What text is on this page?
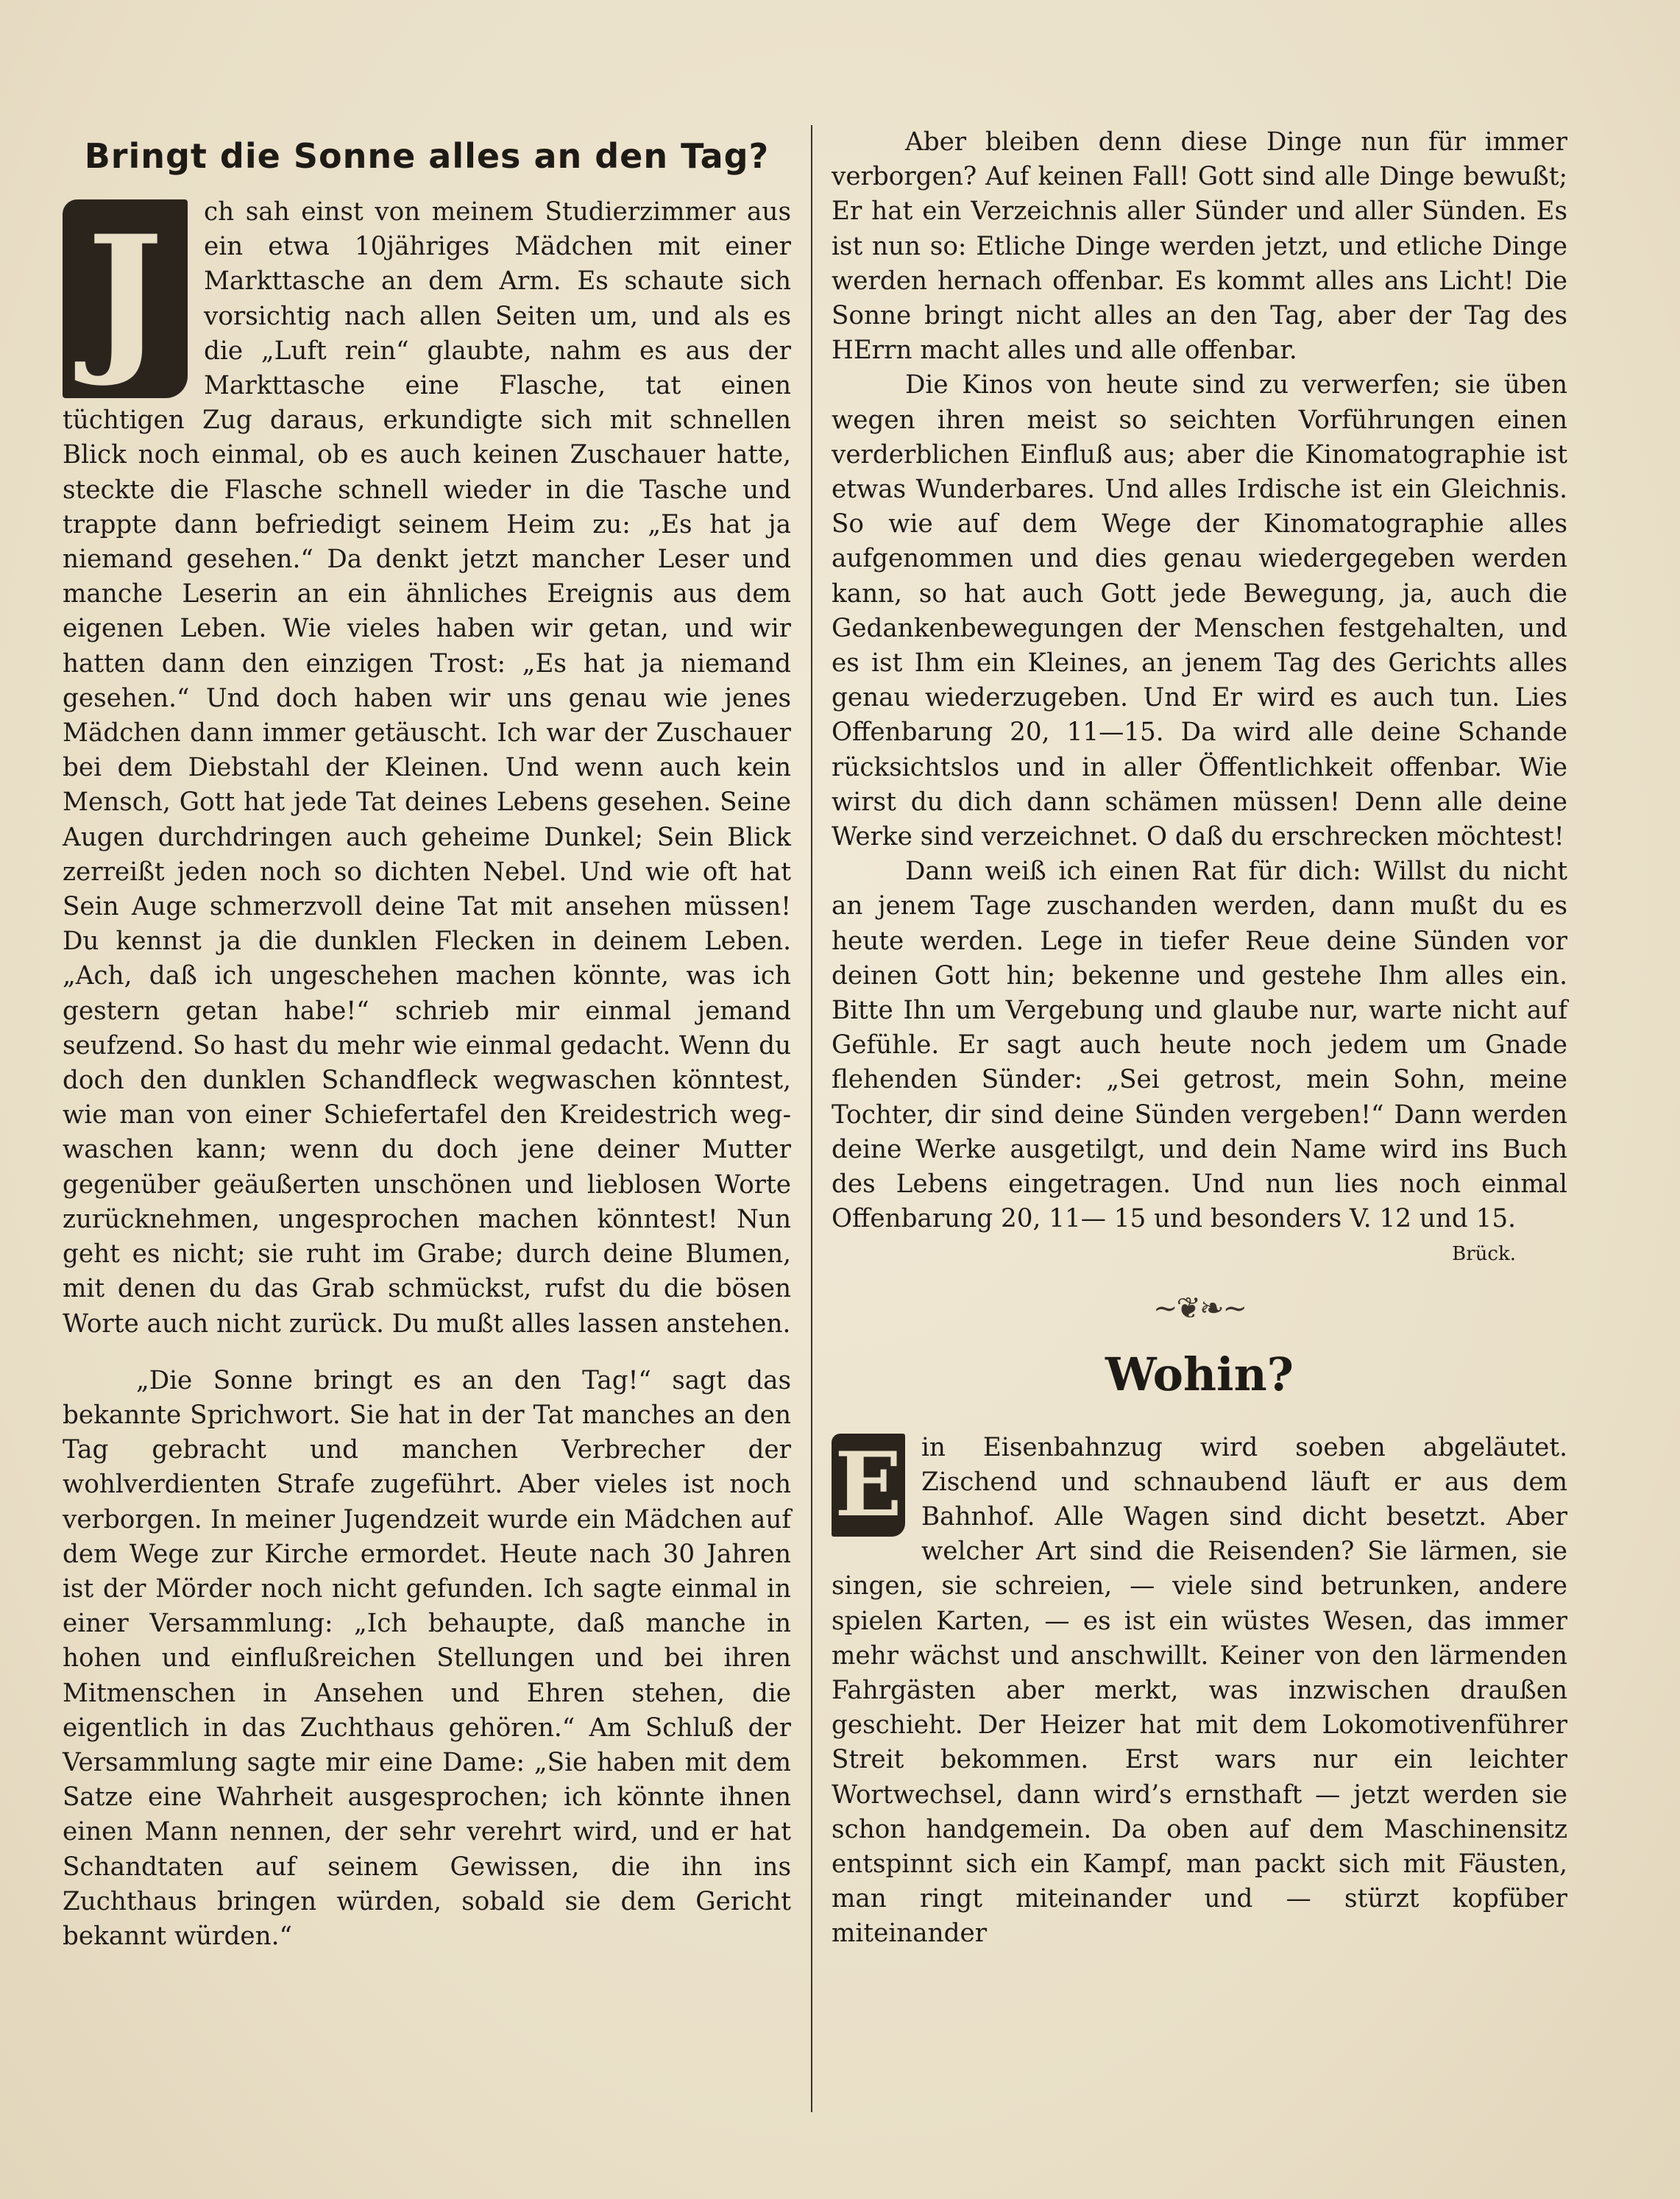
Bringt die Sonne alles an den Tag?

J	ch sah einst von meinem Studierzimmer aus ein etwa 10jähriges Mädchen mit einer Markttasche an dem Arm. Es schaute sich vorsichtig nach allen Seiten um, und als es die „Luft rein“ glaubte, nahm es aus der Markttasche eine Flasche, tat einen tüchtigen Zug daraus, erkundigte sich mit schnellen Blick noch einmal, ob es auch keinen Zuschauer hatte, steckte die Flasche schnell wieder in die Tasche und trappte dann befriedigt seinem Heim zu: „Es hat ja niemand gesehen.“ Da denkt jetzt mancher Leser und manche Leserin an ein ähnliches Ereignis aus dem eigenen Leben. Wie vieles haben wir getan, und wir hatten dann den einzigen Trost: „Es hat ja niemand gesehen.“ Und doch haben wir uns genau wie jenes Mädchen dann immer getäuscht. Ich war der Zuschauer bei dem Diebstahl der Kleinen. Und wenn auch kein Mensch, Gott hat jede Tat deines Lebens gesehen. Seine Augen durchdringen auch geheime Dunkel; Sein Blick zerreißt jeden noch so dichten Nebel. Und wie oft hat Sein Auge schmerzvoll deine Tat mit ansehen müssen! Du kennst ja die dunklen Flecken in deinem Leben. „Ach, daß ich ungeschehen machen könnte, was ich gestern getan habe!“ schrieb mir einmal jemand seufzend. So hast du mehr wie einmal gedacht. Wenn du doch den dunklen Schandfleck wegwaschen könntest, wie man von einer Schiefertafel den Kreidestrich wegwaschen kann; wenn du doch jene deiner Mutter gegenüber geäußerten unschönen und lieblosen Worte zurücknehmen, ungesprochen machen könntest! Nun geht es nicht; sie ruht im Grabe; durch deine Blumen, mit denen du das Grab schmückst, rufst du die bösen Worte auch nicht zurück. Du mußt alles lassen anstehen.

„Die Sonne bringt es an den Tag!“ sagt das bekannte Sprichwort. Sie hat in der Tat manches an den Tag gebracht und manchen Verbrecher der wohlverdienten Strafe zugeführt. Aber vieles ist noch verborgen. In meiner Jugendzeit wurde ein Mädchen auf dem Wege zur Kirche ermordet. Heute nach 30 Jahren ist der Mörder noch nicht gefunden. Ich sagte einmal in einer Versammlung: „Ich behaupte, daß manche in hohen und einflußreichen Stellungen und bei ihren Mitmenschen in Ansehen und Ehren stehen, die eigentlich in das Zuchthaus gehören.“ Am Schluß der Versammlung sagte mir eine Dame: „Sie haben mit dem Satze eine Wahrheit ausgesprochen; ich könnte ihnen einen Mann nennen, der sehr verehrt wird, und er hat Schandtaten auf seinem Gewissen, die ihn ins Zuchthaus bringen würden, sobald sie dem Gericht bekannt würden.“

Aber bleiben denn diese Dinge nun für immer verborgen? Auf keinen Fall! Gott sind alle Dinge bewußt; Er hat ein Verzeichnis aller Sünder und aller Sünden. Es ist nun so: Etliche Dinge werden jetzt, und etliche Dinge werden hernach offenbar. Es kommt alles ans Licht! Die Sonne bringt nicht alles an den Tag, aber der Tag des HErrn macht alles und alle offenbar.

Die Kinos von heute sind zu verwerfen; sie üben wegen ihren meist so seichten Vorführungen einen verderblichen Einfluß aus; aber die Kinomatographie ist etwas Wunderbares. Und alles Irdische ist ein Gleichnis. So wie auf dem Wege der Kinomatographie alles aufgenommen und dies genau wiedergegeben werden kann, so hat auch Gott jede Bewegung, ja, auch die Gedankenbewegungen der Menschen festgehalten, und es ist Ihm ein Kleines, an jenem Tag des Gerichts alles genau wiederzugeben. Und Er wird es auch tun. Lies Offenbarung 20, 11—15. Da wird alle deine Schande rücksichtslos und in aller Öffentlichkeit offenbar. Wie wirst du dich dann schämen müssen! Denn alle deine Werke sind verzeichnet. O daß du erschrecken möchtest!

Dann weiß ich einen Rat für dich: Willst du nicht an jenem Tage zuschanden werden, dann mußt du es heute werden. Lege in tiefer Reue deine Sünden vor deinen Gott hin; bekenne und gestehe Ihm alles ein. Bitte Ihn um Vergebung und glaube nur, warte nicht auf Gefühle. Er sagt auch heute noch jedem um Gnade flehenden Sünder: „Sei getrost, mein Sohn, meine Tochter, dir sind deine Sünden vergeben!“ Dann werden deine Werke ausgetilgt, und dein Name wird ins Buch des Lebens eingetragen. Und nun lies noch einmal Offenbarung 20, 11— 15 und besonders V. 12 und 15.

Brück.
~❦❧~
Wohin?

E in Eisenbahnzug wird soeben abgeläutet. Zischend und schnaubend läuft er aus dem Bahnhof. Alle Wagen sind dicht besetzt. Aber welcher Art sind die Reisenden? Sie lärmen, sie singen, sie schreien, — viele sind betrunken, andere spielen Karten, — es ist ein wüstes Wesen, das immer mehr wächst und anschwillt. Keiner von den lärmenden Fahrgästen aber merkt, was inzwischen draußen geschieht. Der Heizer hat mit dem Lokomotivenführer Streit bekommen. Erst wars nur ein leichter Wortwechsel, dann wird’s ernsthaft — jetzt werden sie schon handgemein. Da oben auf dem Maschinensitz entspinnt sich ein Kampf, man packt sich mit Fäusten, man ringt miteinander und — stürzt kopfüber miteinander
